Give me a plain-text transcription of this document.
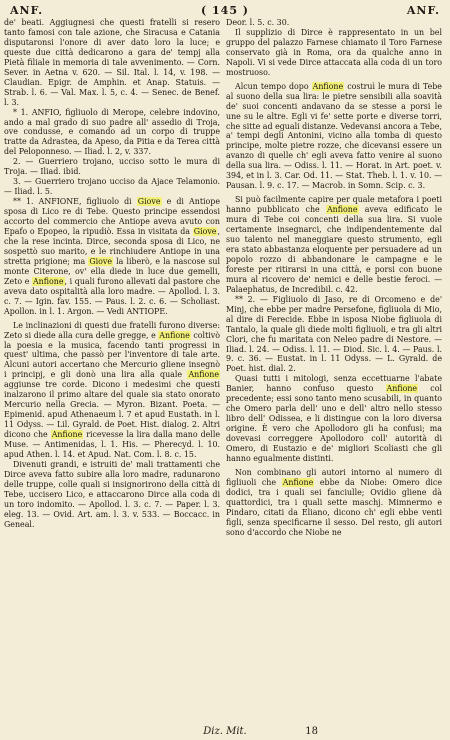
ANF.	( 145 )	ANF.

de' beati. Aggiugnesi che questi fratelli si resero tanto famosi con tale azione, che Siracusa e Catania disputaronsi l'onore di aver dato loro la luce; e queste due città dedicarono a gara de' tempj alla Pietà filiale in memoria di tale avvenimento. — Corn. Sever. in Aetna v. 620. — Sil. Ital. l. 14, v. 198. — Claudian. Epigr. de Amphin. et Anap. Statuis. — Strab. l. 6. — Val. Max. l. 5, c. 4. — Senec. de Benef. l. 3.

* 1. ANFIO, figliuolo di Merope, celebre indovino, ando a mal grado di suo padre all' assedio di Troja, ove condusse, e comando ad un corpo di truppe tratte da Adrastea, da Apeso, da Pitia e da Terea città del Peloponneso. — Iliad. l. 2, v. 337.

2. — Guerriero trojano, ucciso sotto le mura di Troja. — Iliad. ibid.

3. — Guerriero trojano ucciso da Ajace Telamonio. — Iliad. l. 5.

** 1. ANFIONE, figliuolo di Giove e di Antiope sposa di Lico re di Tebe. Questo principe essendosi accorto del commercio che Antiope aveva avuto con Epafo o Epopeo, la ripudiò. Essa in visitata da Giove, che la rese incinta. Dirce, seconda sposa di Lico, ne sospettò suo marito, e le rinchiudere Antiope in una stretta prigione; ma Giove la liberò, e la nascose sul monte Citerone, ov' ella diede in luce due gemelli, Zeto e Anfione, i quali furono allevati dal pastore che aveva dato ospitalità alla loro madre. — Apollod. l. 3. c. 7. — Igin. fav. 155. — Paus. l. 2. c. 6. — Scholiast. Apollon. in l. 1. Argon. — Vedi ANTIOPE.

Le inclinazioni di questi due fratelli furono diverse: Zeto si diede alla cura delle gregge, e Anfione coltivò la poesia e la musica, facendo tanti progressi in quest' ultima, che passò per l'inventore di tale arte. Alcuni autori accertano che Mercurio gliene insegnò i principj, e gli donò una lira alla quale Anfione aggiunse tre corde. Dicono i medesimi che questi inalzarono il primo altare del quale sia stato onorato Mercurio nella Grecia. — Myron. Bizant. Poeta. — Epimenid. apud Athenaeum l. 7 et apud Eustath. in l. 11 Odyss. — Lil. Gyrald. de Poet. Hist. dialog. 2. Altri dicono che Anfione ricevesse la lira dalla mano delle Muse. — Antimenidas, l. 1. His. — Pherecyd. l. 10. apud Athen. l. 14. et Apud. Nat. Com. l. 8. c. 15.

Divenuti grandi, e istruiti de' mali trattamenti che Dirce aveva fatto subire alla loro madre, radunarono delle truppe, colle quali si insignorirono della città di Tebe, uccisero Lico, e attaccarono Dirce alla coda di un toro indomito. — Apollod. l. 3. c. 7. — Paper. l. 3. eleg. 13. — Ovid. Art. am. l. 3. v. 533. — Boccacc. in Geneal.

Deor. l. 5. c. 30.

Il supplizio di Dirce è rappresentato in un bel gruppo del palazzo Farnese chiamato il Toro Farnese conservato già in Roma, ora da qualche anno in Napoli. Vi si vede Dirce attaccata alla coda di un toro mostruoso.

Alcun tempo dopo Anfione costruì le mura di Tebe al suono della sua lira: le pietre sensibili alla soavità de' suoi concenti andavano da se stesse a porsi le une su le altre. Egli vi fe' sette porte e diverse torri, che sitte ad eguali distanze. Vedevansi ancora a Tebe, a' tempi degli Antonini, vicino alla tomba di questo principe, molte pietre rozze, che dicevansi essere un avanzo di quelle ch' egli aveva fatto venire al suono della sua lira. — Odiss. l. 11. — Horat. in Art. poet. v. 394, et in l. 3. Car. Od. 11. — Stat. Theb. l. 1. v. 10. — Pausan. l. 9. c. 17. — Macrob. in Somn. Scip. c. 3.

Si può facilmente capire per quale metafora i poeti hanno pubblicato che Anfione aveva edificato le mura di Tebe coi concenti della sua lira. Si vuole certamente insegnarci, che indipendentemente dal suo talento nel maneggiare questo strumento, egli era stato abbastanza eloquente per persuadere ad un popolo rozzo di abbandonare le campagne e le foreste per ritirarsi in una città, e porsi con buone mura al ricovero de' nemici e delle bestie feroci. — Palaephatus, de Incredibil. c. 42.

** 2. — Figliuolo di Jaso, re di Orcomeno e de' Minj, che ebbe per madre Persefone, figliuola di Mio, al dire di Ferecide. Ebbe in isposa Niobe figliuola di Tantalo, la quale gli diede molti figliuoli, e tra gli altri Clori, che fu maritata con Neleo padre di Nestore. — Iliad. l. 24. — Odiss. l. 11. — Diod. Sic. l. 4. — Paus. l. 9. c. 36. — Eustat. in l. 11 Odyss. — L. Gyrald. de Poet. hist. dial. 2.

Quasi tutti i mitologi, senza eccettuarne l'abate Banier, hanno confuso questo Anfione col precedente; essi sono tanto meno scusabili, in quanto che Omero parla dell' uno e dell' altro nello stesso libro dell' Odissea, e li distingue con la loro diversa origine. È vero che Apollodoro gli ha confusi; ma dovevasi correggere Apollodoro coll' autorità di Omero, di Eustazio e de' migliori Scoliasti che gli hanno egualmente distinti.

Non combinano gli autori intorno al numero di figliuoli che Anfione ebbe da Niobe: Omero dice dodici, tra i quali sei fanciulle; Ovidio gliene dà quattordici, tra i quali sette maschj. Mimnermo e Pindaro, citati da Eliano, dicono ch' egli ebbe venti figli, senza specificarne il sesso. Del resto, gli autori sono d'accordo che Niobe ne

Diz. Mit.	18
